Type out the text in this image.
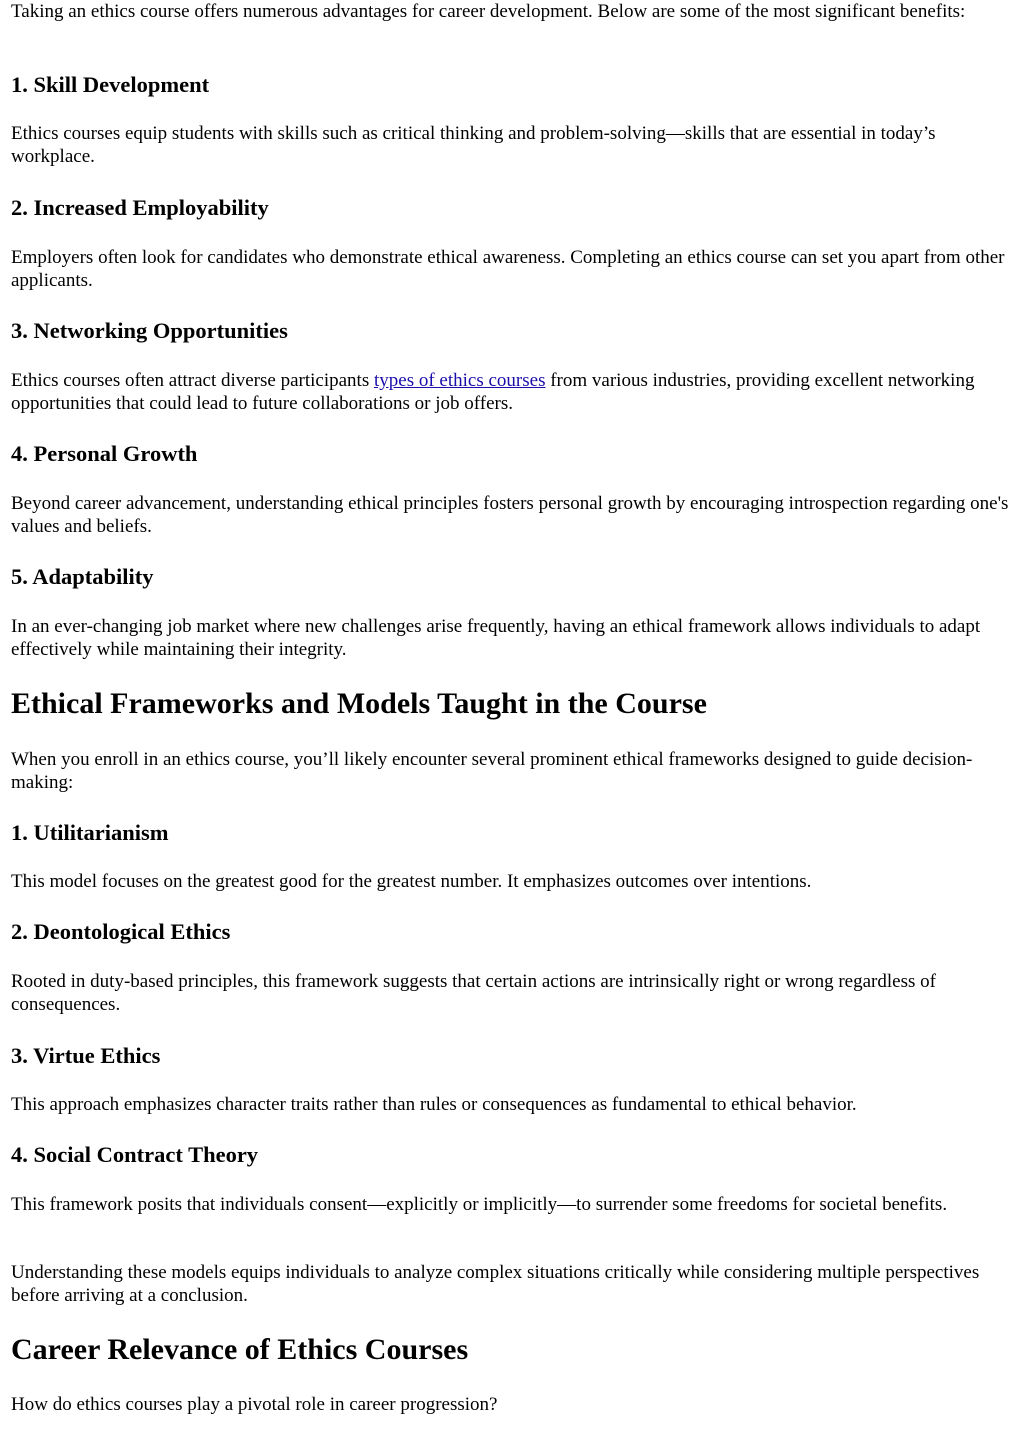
Taking an ethics course offers numerous advantages for career development. Below are some of the most significant benefits:

1. Skill Development

Ethics courses equip students with skills such as critical thinking and problem-solving—skills that are essential in today’s workplace.

2. Increased Employability

Employers often look for candidates who demonstrate ethical awareness. Completing an ethics course can set you apart from other applicants.

3. Networking Opportunities

Ethics courses often attract diverse participants types of ethics courses from various industries, providing excellent networking opportunities that could lead to future collaborations or job offers.

4. Personal Growth

Beyond career advancement, understanding ethical principles fosters personal growth by encouraging introspection regarding one's values and beliefs.

5. Adaptability

In an ever-changing job market where new challenges arise frequently, having an ethical framework allows individuals to adapt effectively while maintaining their integrity.

Ethical Frameworks and Models Taught in the Course

When you enroll in an ethics course, you’ll likely encounter several prominent ethical frameworks designed to guide decision-making:

1. Utilitarianism

This model focuses on the greatest good for the greatest number. It emphasizes outcomes over intentions.

2. Deontological Ethics

Rooted in duty-based principles, this framework suggests that certain actions are intrinsically right or wrong regardless of consequences.

3. Virtue Ethics

This approach emphasizes character traits rather than rules or consequences as fundamental to ethical behavior.

4. Social Contract Theory

This framework posits that individuals consent—explicitly or implicitly—to surrender some freedoms for societal benefits.

Understanding these models equips individuals to analyze complex situations critically while considering multiple perspectives before arriving at a conclusion.

Career Relevance of Ethics Courses

How do ethics courses play a pivotal role in career progression?
